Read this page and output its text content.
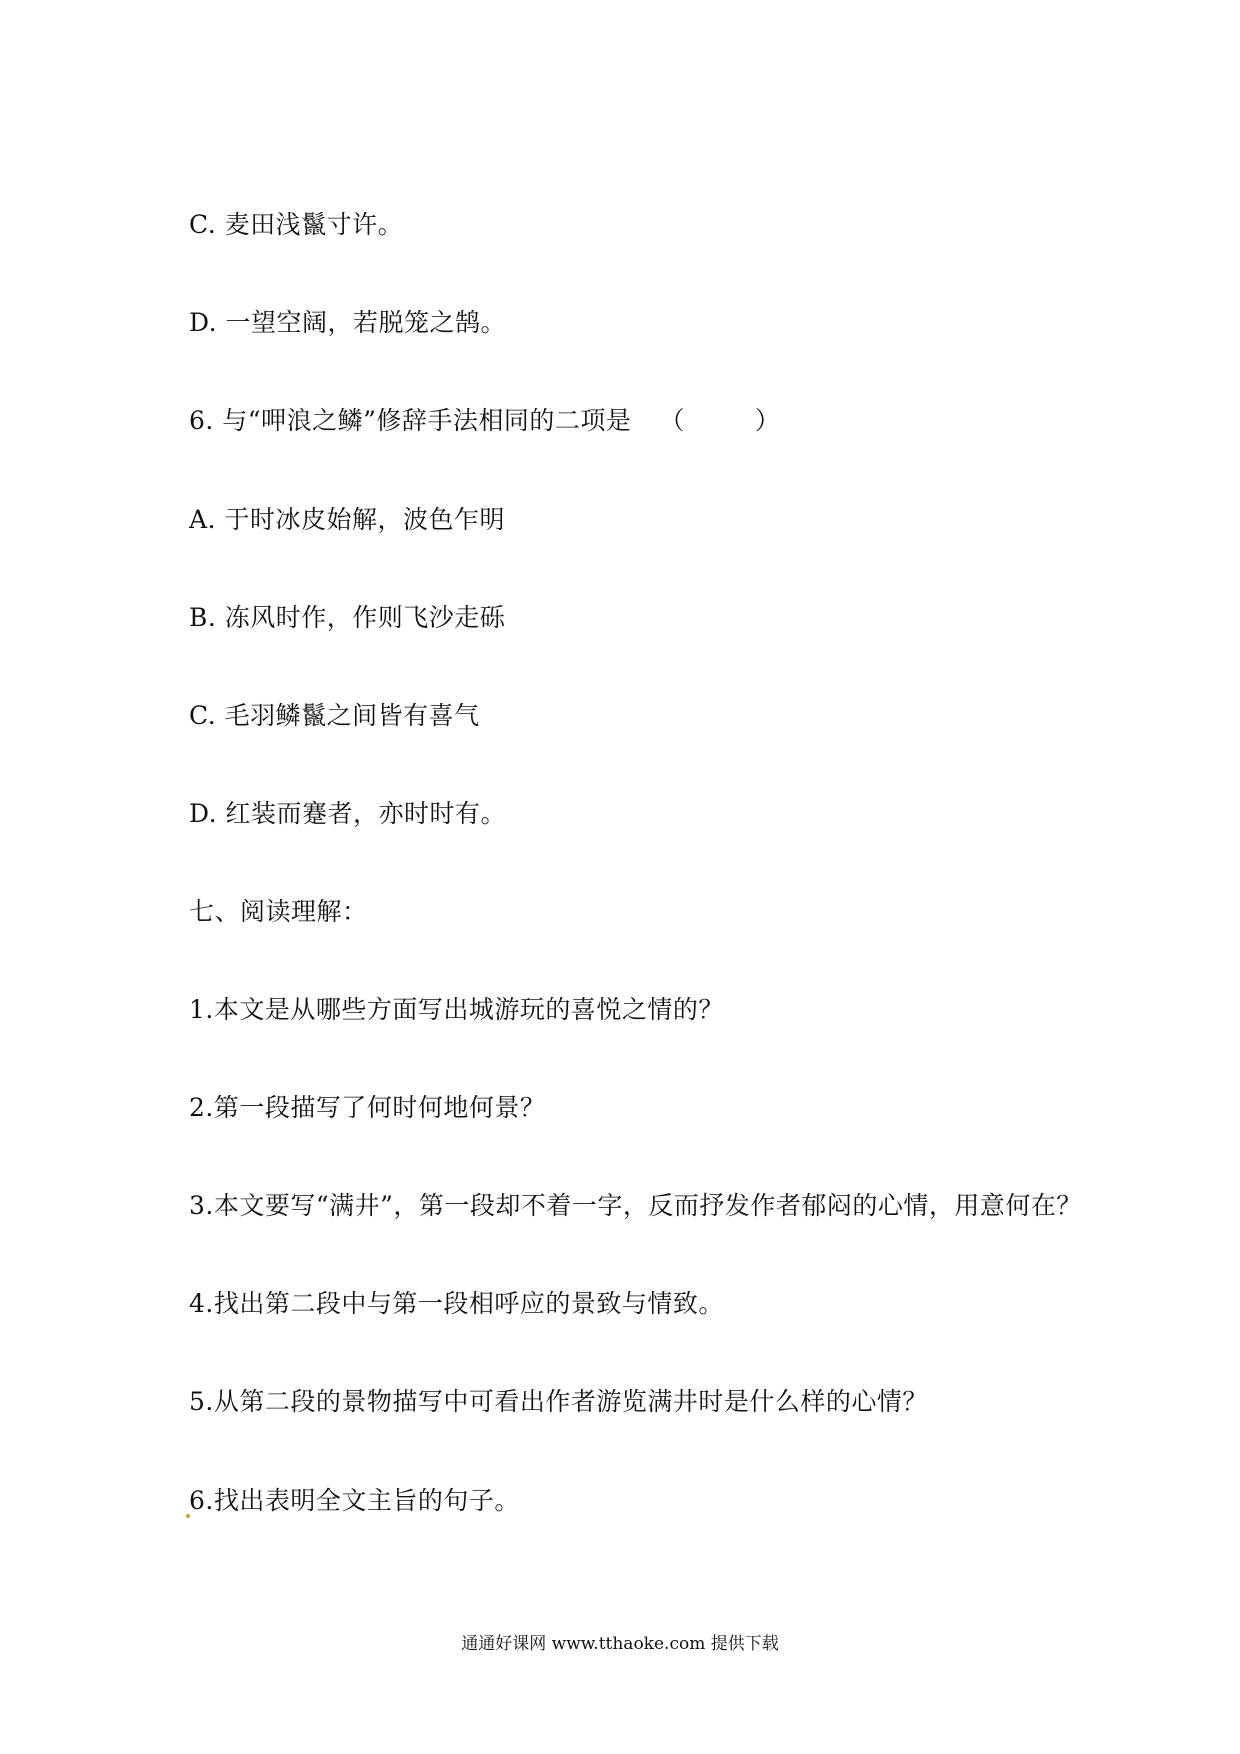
C. 麦田浅鬣寸许。
D. 一望空阔，若脱笼之鹄。
6. 与“呷浪之鳞”修辞手法相同的二项是 （	）
A. 于时冰皮始解，波色乍明
B. 冻风时作，作则飞沙走砾
C. 毛羽鳞鬣之间皆有喜气
D. 红装而蹇者，亦时时有。
七、阅读理解：
1.本文是从哪些方面写出城游玩的喜悦之情的？
2.第一段描写了何时何地何景？
3.本文要写“满井”，第一段却不着一字，反而抒发作者郁闷的心情，用意何在？
4.找出第二段中与第一段相呼应的景致与情致。
5.从第二段的景物描写中可看出作者游览满井时是什么样的心情？
6.找出表明全文主旨的句子。
通通好课网 www.tthaoke.com 提供下载
